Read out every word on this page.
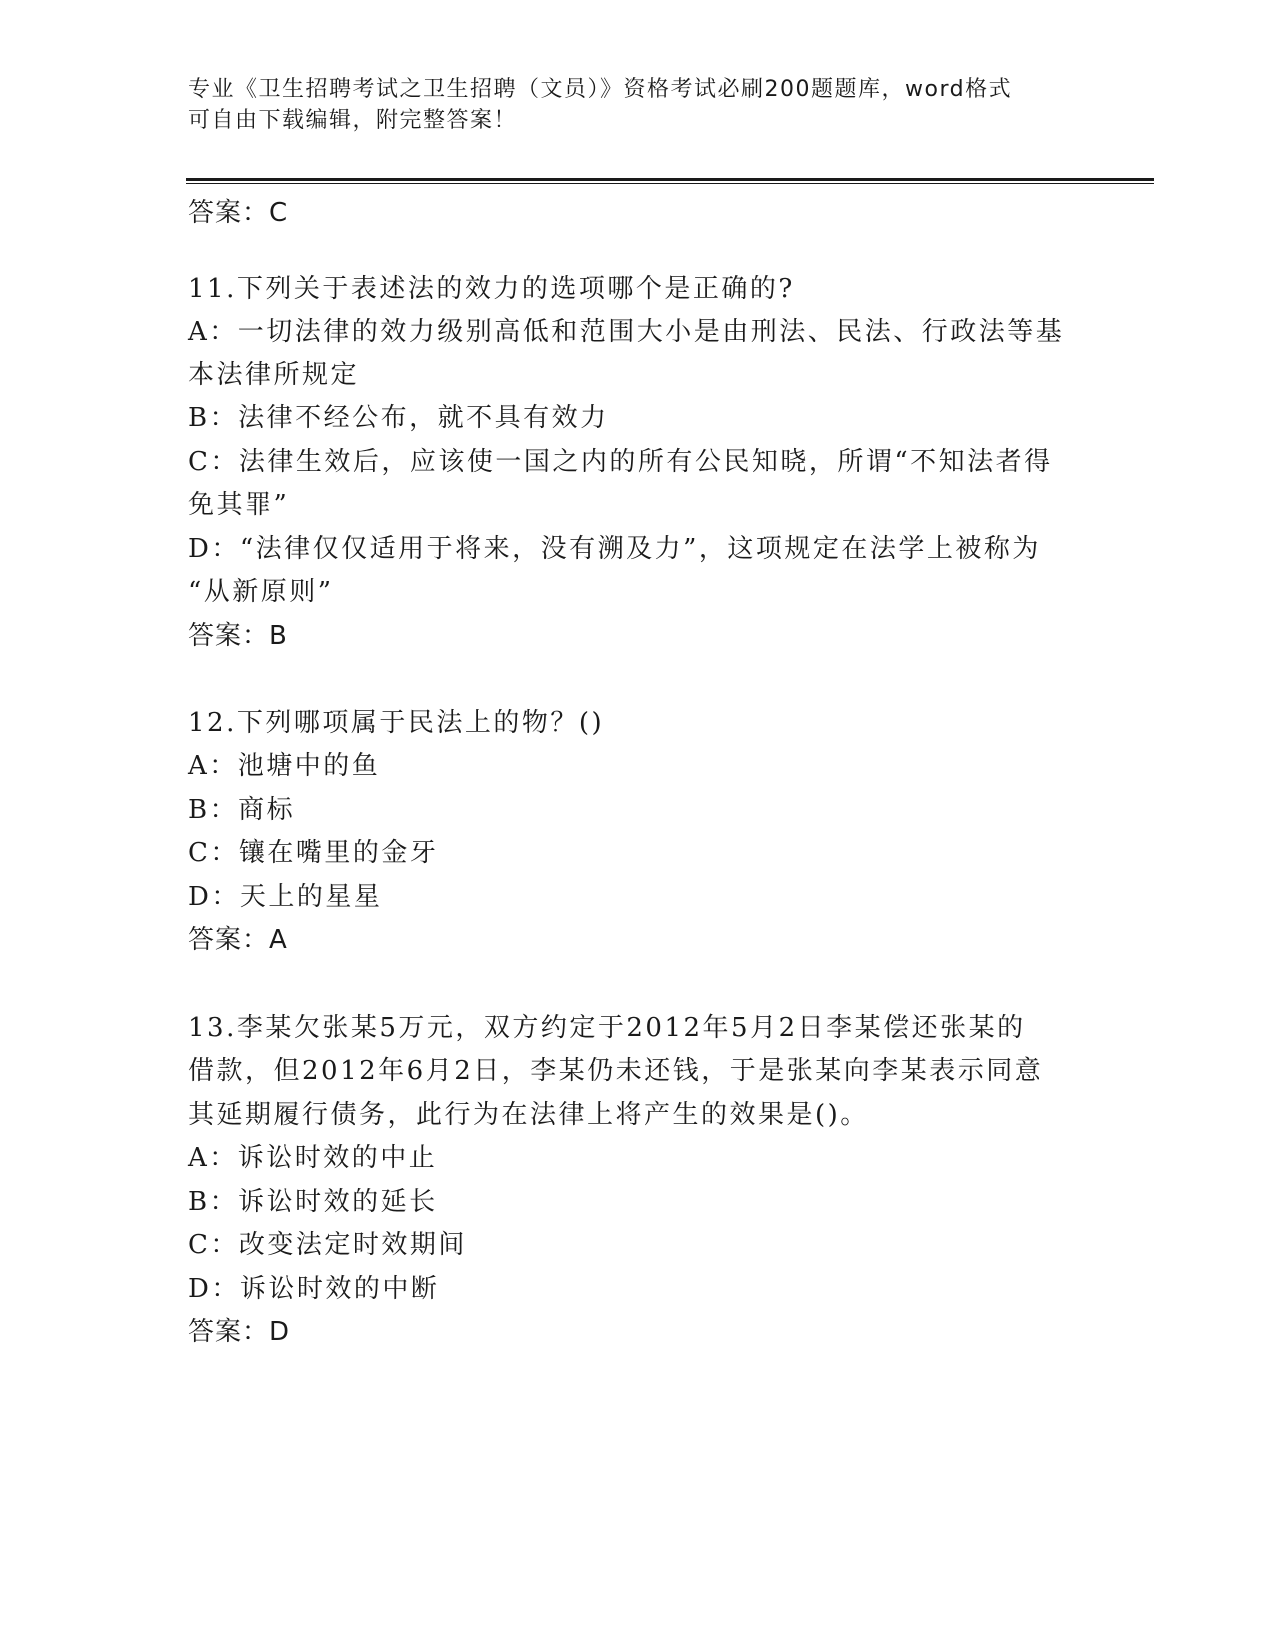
专业《卫生招聘考试之卫生招聘（文员）》资格考试必刷200题题库，word格式
可自由下载编辑，附完整答案！
答案：C
11.下列关于表述法的效力的选项哪个是正确的?
A：一切法律的效力级别高低和范围大小是由刑法、民法、行政法等基
本法律所规定
B：法律不经公布，就不具有效力
C：法律生效后，应该使一国之内的所有公民知晓，所谓“不知法者得
免其罪”
D：“法律仅仅适用于将来，没有溯及力”，这项规定在法学上被称为
“从新原则”
答案：B
12.下列哪项属于民法上的物？()
A：池塘中的鱼
B：商标
C：镶在嘴里的金牙
D：天上的星星
答案：A
13.李某欠张某5万元，双方约定于2012年5月2日李某偿还张某的
借款，但2012年6月2日，李某仍未还钱，于是张某向李某表示同意
其延期履行债务，此行为在法律上将产生的效果是()。
A：诉讼时效的中止
B：诉讼时效的延长
C：改变法定时效期间
D：诉讼时效的中断
答案：D
